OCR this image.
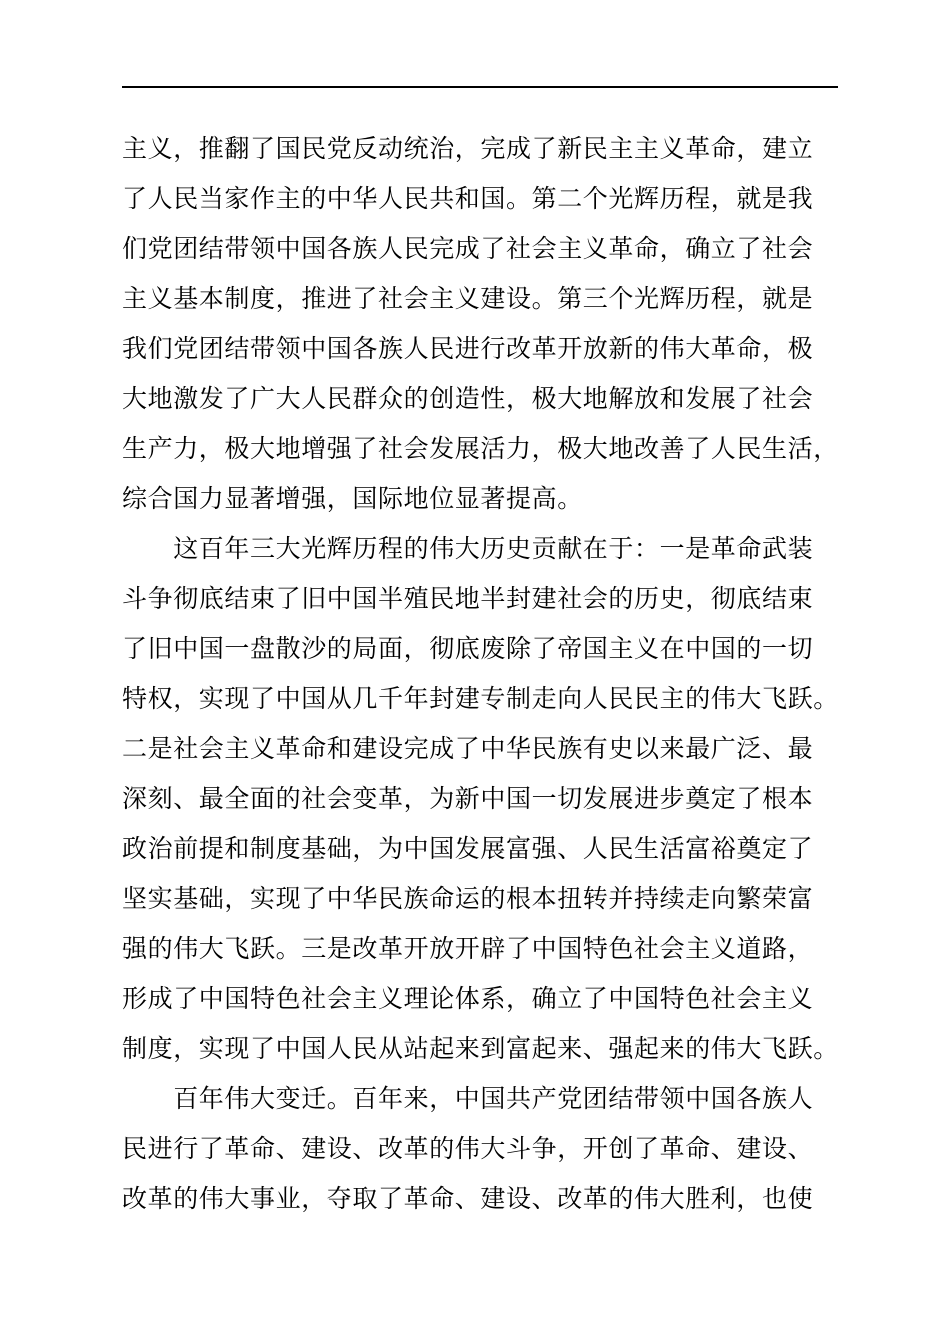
主义，推翻了国民党反动统治，完成了新民主主义革命，建立
了人民当家作主的中华人民共和国。第二个光辉历程，就是我
们党团结带领中国各族人民完成了社会主义革命，确立了社会
主义基本制度，推进了社会主义建设。第三个光辉历程，就是
我们党团结带领中国各族人民进行改革开放新的伟大革命，极
大地激发了广大人民群众的创造性，极大地解放和发展了社会
生产力，极大地增强了社会发展活力，极大地改善了人民生活，
综合国力显著增强，国际地位显著提高。
　　这百年三大光辉历程的伟大历史贡献在于：一是革命武装
斗争彻底结束了旧中国半殖民地半封建社会的历史，彻底结束
了旧中国一盘散沙的局面，彻底废除了帝国主义在中国的一切
特权，实现了中国从几千年封建专制走向人民民主的伟大飞跃。
二是社会主义革命和建设完成了中华民族有史以来最广泛、最
深刻、最全面的社会变革，为新中国一切发展进步奠定了根本
政治前提和制度基础，为中国发展富强、人民生活富裕奠定了
坚实基础，实现了中华民族命运的根本扭转并持续走向繁荣富
强的伟大飞跃。三是改革开放开辟了中国特色社会主义道路，
形成了中国特色社会主义理论体系，确立了中国特色社会主义
制度，实现了中国人民从站起来到富起来、强起来的伟大飞跃。
　　百年伟大变迁。百年来，中国共产党团结带领中国各族人
民进行了革命、建设、改革的伟大斗争，开创了革命、建设、
改革的伟大事业，夺取了革命、建设、改革的伟大胜利，也使
